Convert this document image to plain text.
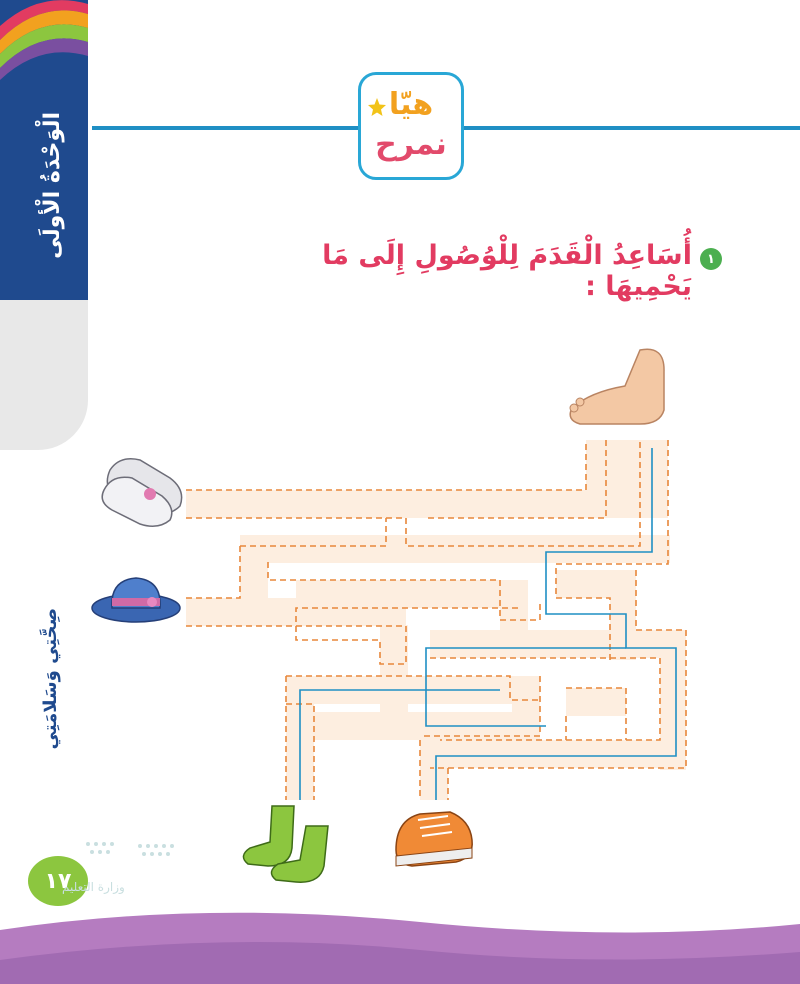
الْوَحْدَةُ الْأولَى
صِحَّتِي وَسَلامَتِي
هيّا
نمرح
١
أُسَاعِدُ الْقَدَمَ لِلْوُصُولِ إِلَى مَا يَحْمِيهَا :
١٧
وزارة التعليم
